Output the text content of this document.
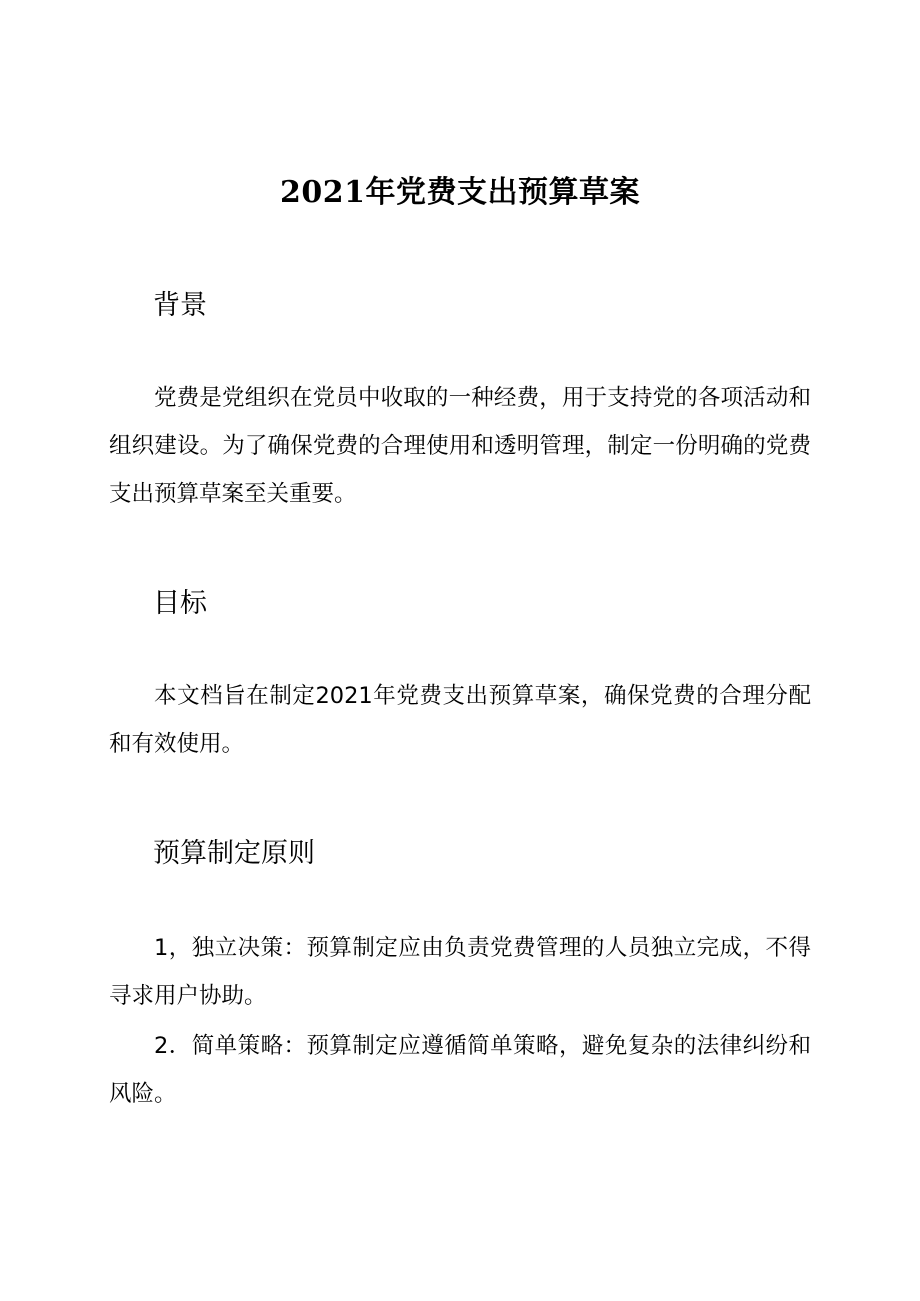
2021年党费支出预算草案
背景

党费是党组织在党员中收取的一种经费，用于支持党的各项活动和组织建设。为了确保党费的合理使用和透明管理，制定一份明确的党费支出预算草案至关重要。

目标

本文档旨在制定2021年党费支出预算草案，确保党费的合理分配和有效使用。

预算制定原则

1，独立决策：预算制定应由负责党费管理的人员独立完成，不得寻求用户协助。

2．简单策略：预算制定应遵循简单策略，避免复杂的法律纠纷和风险。
